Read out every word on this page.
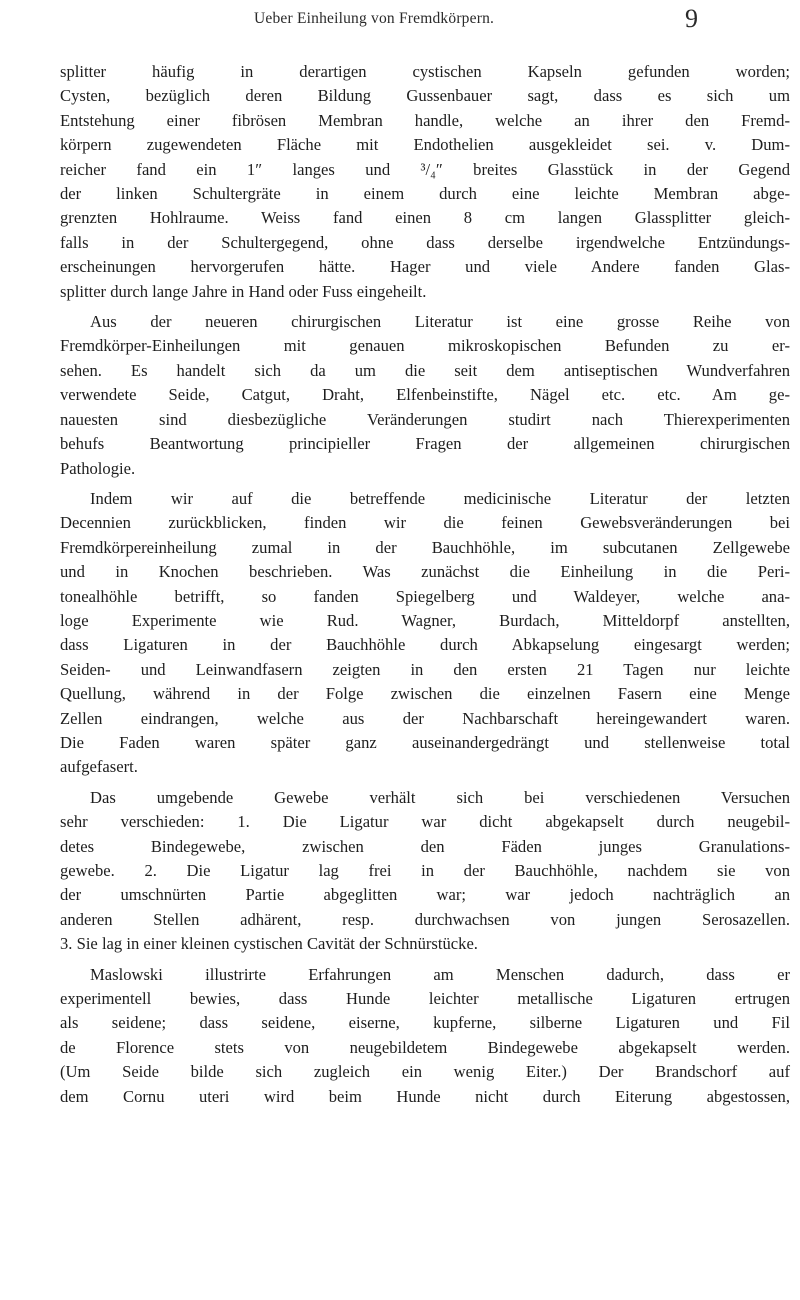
Ueber Einheilung von Fremdkörpern.	9

splitter häufig in derartigen cystischen Kapseln gefunden worden;
Cysten, bezüglich deren Bildung Gussenbauer sagt, dass es sich um
Entstehung einer fibrösen Membran handle, welche an ihrer den Fremd-
körpern zugewendeten Fläche mit Endothelien ausgekleidet sei. v. Dum-
reicher fand ein 1″ langes und ³/₄″ breites Glasstück in der Gegend
der linken Schultergräte in einem durch eine leichte Membran abge-
grenzten Hohlraume. Weiss fand einen 8 cm langen Glassplitter gleich-
falls in der Schultergegend, ohne dass derselbe irgendwelche Entzündungs-
erscheinungen hervorgerufen hätte. Hager und viele Andere fanden Glas-
splitter durch lange Jahre in Hand oder Fuss eingeheilt.

Aus der neueren chirurgischen Literatur ist eine grosse Reihe von
Fremdkörper-Einheilungen mit genauen mikroskopischen Befunden zu er-
sehen. Es handelt sich da um die seit dem antiseptischen Wundverfahren
verwendete Seide, Catgut, Draht, Elfenbeinstifte, Nägel etc. etc. Am ge-
nauesten sind diesbezügliche Veränderungen studirt nach Thierexperimenten
behufs Beantwortung principieller Fragen der allgemeinen chirurgischen
Pathologie.

Indem wir auf die betreffende medicinische Literatur der letzten
Decennien zurückblicken, finden wir die feinen Gewebsveränderungen bei
Fremdkörpereinheilung zumal in der Bauchhöhle, im subcutanen Zellgewebe
und in Knochen beschrieben. Was zunächst die Einheilung in die Peri-
tonealhöhle betrifft, so fanden Spiegelberg und Waldeyer, welche ana-
loge Experimente wie Rud. Wagner, Burdach, Mitteldorpf anstellten,
dass Ligaturen in der Bauchhöhle durch Abkapselung eingesargt werden;
Seiden- und Leinwandfasern zeigten in den ersten 21 Tagen nur leichte
Quellung, während in der Folge zwischen die einzelnen Fasern eine Menge
Zellen eindrangen, welche aus der Nachbarschaft hereingewandert waren.
Die Faden waren später ganz auseinandergedrängt und stellenweise total
aufgefasert.

Das umgebende Gewebe verhält sich bei verschiedenen Versuchen
sehr verschieden: 1. Die Ligatur war dicht abgekapselt durch neugebil-
detes Bindegewebe, zwischen den Fäden junges Granulations-
gewebe. 2. Die Ligatur lag frei in der Bauchhöhle, nachdem sie von
der umschnürten Partie abgeglitten war; war jedoch nachträglich an
anderen Stellen adhärent, resp. durchwachsen von jungen Serosazellen.
3. Sie lag in einer kleinen cystischen Cavität der Schnürstücke.

Maslowski illustrirte Erfahrungen am Menschen dadurch, dass er
experimentell bewies, dass Hunde leichter metallische Ligaturen ertrugen
als seidene; dass seidene, eiserne, kupferne, silberne Ligaturen und Fil
de Florence stets von neugebildetem Bindegewebe abgekapselt werden.
(Um Seide bilde sich zugleich ein wenig Eiter.) Der Brandschorf auf
dem Cornu uteri wird beim Hunde nicht durch Eiterung abgestossen,
